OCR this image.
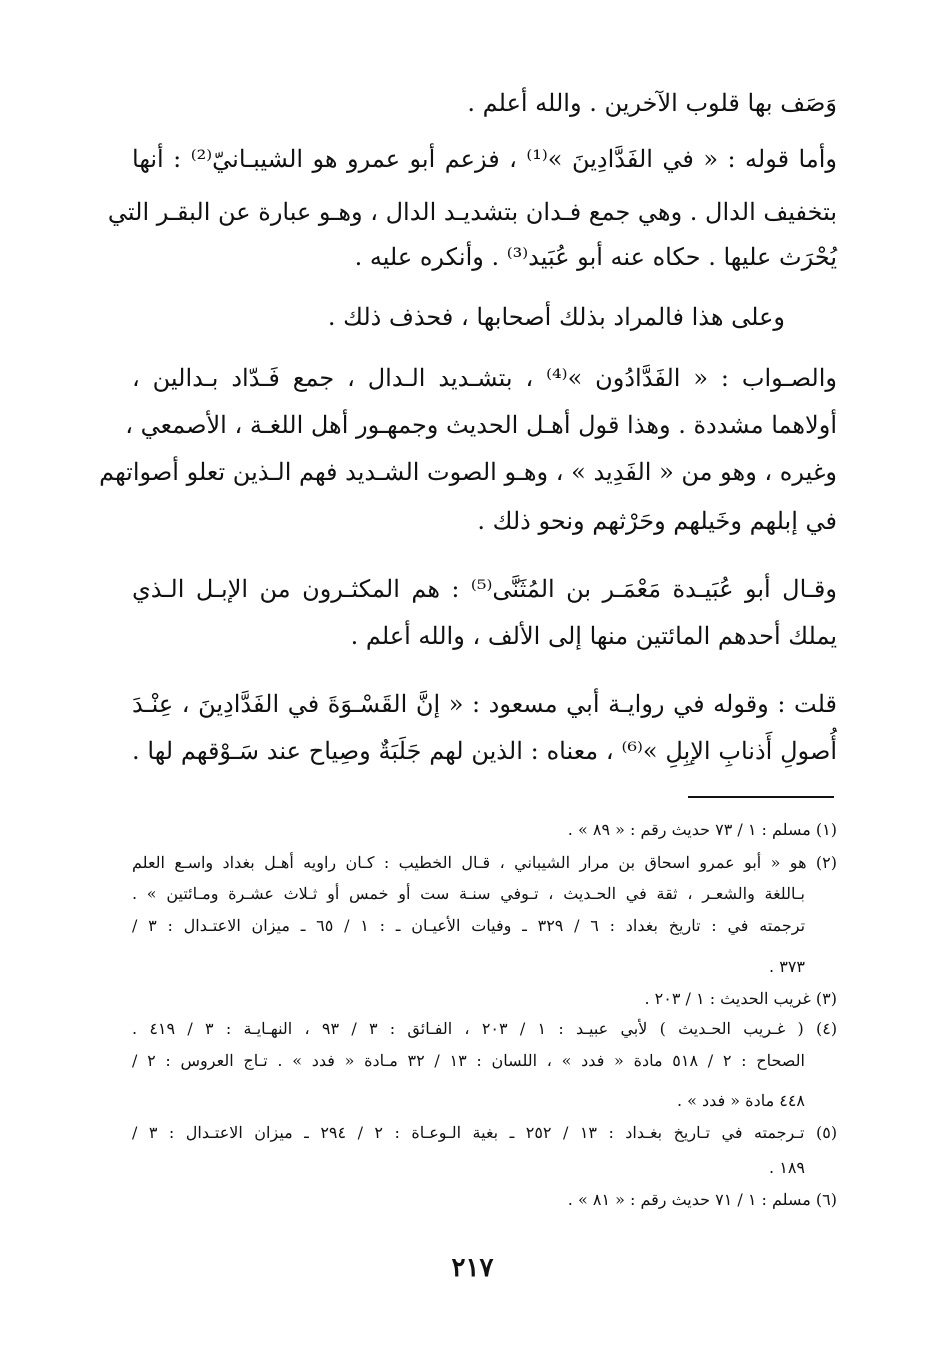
وَصَف بها قلوب الآخرين . والله أعلم .
وأما قوله : « في الفَدَّادِينَ »⁽¹⁾ ، فزعم أبو عمرو هو الشيبـانيّ⁽²⁾ : أنها
بتخفيف الدال . وهي جمع فـدان بتشديـد الدال ، وهـو عبارة عن البقـر التي
يُحْرَث عليها . حكاه عنه أبو عُبَيد⁽³⁾ . وأنكره عليه .
وعلى هذا فالمراد بذلك أصحابها ، فحذف ذلك .
والصـواب : « الفَدَّادُون »⁽⁴⁾ ، بتشـديد الـدال ، جمع فَـدّاد بـدالين ،
أولاهما مشددة . وهذا قول أهـل الحديث وجمهـور أهل اللغـة ، الأصمعي ،
وغيره ، وهو من « الفَدِيد » ، وهـو الصوت الشـديد فهم الـذين تعلو أصواتهم
في إبلهم وخَيلهم وحَرْثهم ونحو ذلك .
وقـال أبو عُبَيـدة مَعْمَـر بن المُثَنَّى⁽⁵⁾ : هم المكثـرون من الإبـل الـذي
يملك أحدهم المائتين منها إلى الألف ، والله أعلم .
قلت : وقوله في روايـة أبي مسعود : « إنَّ القَسْـوَةَ في الفَدَّادِينَ ، عِنْـدَ
أُصولِ أَذنابِ الإبِلِ »⁽⁶⁾ ، معناه : الذين لهم جَلَبَةٌ وصِياح عند سَـوْقهم لها .
(١) مسلم : ١ / ٧٣ حديث رقم : « ٨٩ » .
(٢) هو « أبو عمرو اسحاق بن مرار الشيباني ، قـال الخطيب : كـان راويه أهـل بغداد واسـع العلم
بـاللغة والشعـر ، ثقة في الحـديث ، تـوفي سنـة ست أو خمس أو ثـلاث عشـرة ومـائتين » .
ترجمته في : تاريخ بغداد : ٦ / ٣٢٩ ـ وفيات الأعيـان ـ : ١ / ٦٥ ـ ميزان الاعتـدال : ٣ /
٣٧٣ .
(٣) غريب الحديث : ١ / ٢٠٣ .
(٤) ( غـريب الحـديث ) لأبي عبيـد : ١ / ٢٠٣ ، الفـائق : ٣ / ٩٣ ، النهـايـة : ٣ / ٤١٩ .
الصحاح : ٢ / ٥١٨ مادة « فدد » ، اللسان : ١٣ / ٣٢ مـادة « فدد » . تـاج العروس : ٢ /
٤٤٨ مادة « فدد » .
(٥) تـرجمته في تـاريخ بغـداد : ١٣ / ٢٥٢ ـ بغية الـوعـاة : ٢ / ٢٩٤ ـ ميزان الاعتـدال : ٣ /
١٨٩ .
(٦) مسلم : ١ / ٧١ حديث رقم : « ٨١ » .
٢١٧
